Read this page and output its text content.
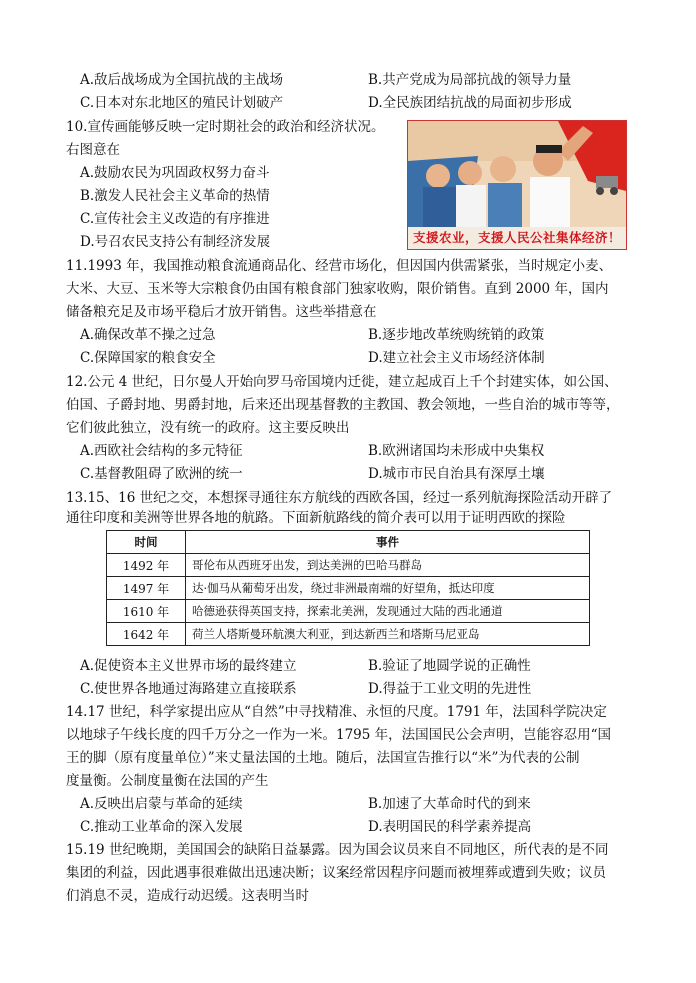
A.敌后战场成为全国抗战的主战场	B.共产党成为局部抗战的领导力量
C.日本对东北地区的殖民计划破产	D.全民族团结抗战的局面初步形成
10.宣传画能够反映一定时期社会的政治和经济状况。
右图意在
A.鼓励农民为巩固政权努力奋斗
B.激发人民社会主义革命的热情
C.宣传社会主义改造的有序推进
D.号召农民支持公有制经济发展	支援农业，支援人民公社集体经济！
11.1993 年，我国推动粮食流通商品化、经营市场化，但因国内供需紧张，当时规定小麦、
大米、大豆、玉米等大宗粮食仍由国有粮食部门独家收购，限价销售。直到 2000 年，国内
储备粮充足及市场平稳后才放开销售。这些举措意在
A.确保改革不操之过急	B.逐步地改革统购统销的政策
C.保障国家的粮食安全	D.建立社会主义市场经济体制
12.公元 4 世纪，日尔曼人开始向罗马帝国境内迁徙，建立起成百上千个封建实体，如公国、
伯国、子爵封地、男爵封地，后来还出现基督教的主教国、教会领地，一些自治的城市等等，
它们彼此独立，没有统一的政府。这主要反映出
A.西欧社会结构的多元特征	B.欧洲诸国均未形成中央集权
C.基督教阻碍了欧洲的统一	D.城市市民自治具有深厚土壤
13.15、16 世纪之交，本想探寻通往东方航线的西欧各国，经过一系列航海探险活动开辟了
通往印度和美洲等世界各地的航路。下面新航路线的简介表可以用于证明西欧的探险
时间	事件
1492 年	哥伦布从西班牙出发，到达美洲的巴哈马群岛
1497 年	达·伽马从葡萄牙出发，绕过非洲最南端的好望角，抵达印度
1610 年	哈德逊获得英国支持，探索北美洲，发现通过大陆的西北通道
1642 年	荷兰人塔斯曼环航澳大利亚，到达新西兰和塔斯马尼亚岛
A.促使资本主义世界市场的最终建立	B.验证了地圆学说的正确性
C.使世界各地通过海路建立直接联系	D.得益于工业文明的先进性
14.17 世纪，科学家提出应从“自然”中寻找精准、永恒的尺度。1791 年，法国科学院决定
以地球子午线长度的四千万分之一作为一米。1795 年，法国国民公会声明，岂能容忍用“国
王的脚（原有度量单位）”来丈量法国的土地。随后，法国宣告推行以“米”为代表的公制
度量衡。公制度量衡在法国的产生
A.反映出启蒙与革命的延续	B.加速了大革命时代的到来
C.推动工业革命的深入发展	D.表明国民的科学素养提高
15.19 世纪晚期，美国国会的缺陷日益暴露。因为国会议员来自不同地区，所代表的是不同
集团的利益，因此遇事很难做出迅速决断；议案经常因程序问题而被埋葬或遭到失败；议员
们消息不灵，造成行动迟缓。这表明当时
